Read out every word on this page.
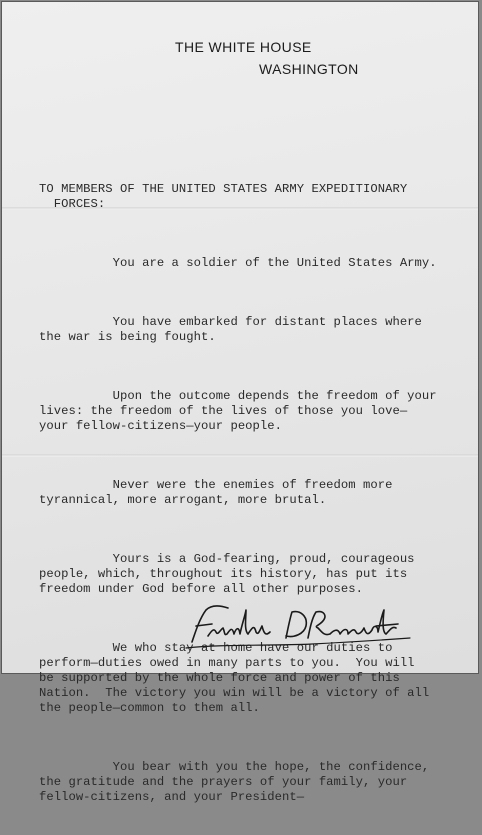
THE WHITE HOUSE
WASHINGTON

TO MEMBERS OF THE UNITED STATES ARMY EXPEDITIONARY
FORCES:

You are a soldier of the United States Army.

You have embarked for distant places where
the war is being fought.

Upon the outcome depends the freedom of your
lives: the freedom of the lives of those you love—
your fellow-citizens—your people.

Never were the enemies of freedom more
tyrannical, more arrogant, more brutal.

Yours is a God-fearing, proud, courageous
people, which, throughout its history, has put its
freedom under God before all other purposes.

We who stay at home have our duties to
perform—duties owed in many parts to you.  You will
be supported by the whole force and power of this
Nation.  The victory you win will be a victory of all
the people—common to them all.

You bear with you the hope, the confidence,
the gratitude and the prayers of your family, your
fellow-citizens, and your President—
